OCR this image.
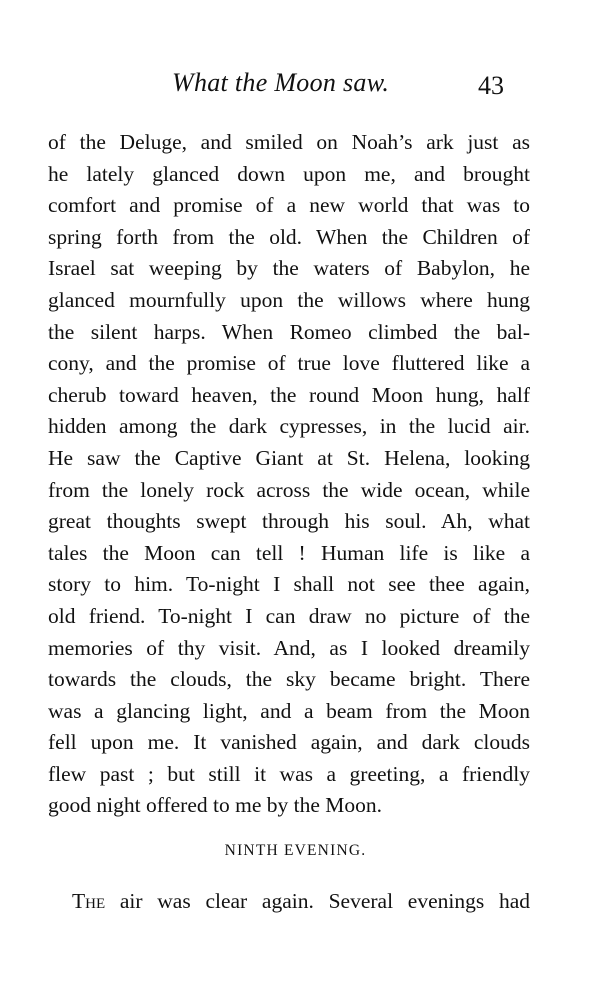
What the Moon saw.	43
of the Deluge, and smiled on Noah’s ark just as
he lately glanced down upon me, and brought
comfort and promise of a new world that was to
spring forth from the old. When the Children of
Israel sat weeping by the waters of Babylon, he
glanced mournfully upon the willows where hung
the silent harps. When Romeo climbed the bal-
cony, and the promise of true love fluttered like a
cherub toward heaven, the round Moon hung, half
hidden among the dark cypresses, in the lucid air.
He saw the Captive Giant at St. Helena, looking
from the lonely rock across the wide ocean, while
great thoughts swept through his soul. Ah, what
tales the Moon can tell ! Human life is like a
story to him. To-night I shall not see thee again,
old friend. To-night I can draw no picture of the
memories of thy visit. And, as I looked dreamily
towards the clouds, the sky became bright. There
was a glancing light, and a beam from the Moon
fell upon me. It vanished again, and dark clouds
flew past ; but still it was a greeting, a friendly
good night offered to me by the Moon.
NINTH EVENING.
The air was clear again. Several evenings had
